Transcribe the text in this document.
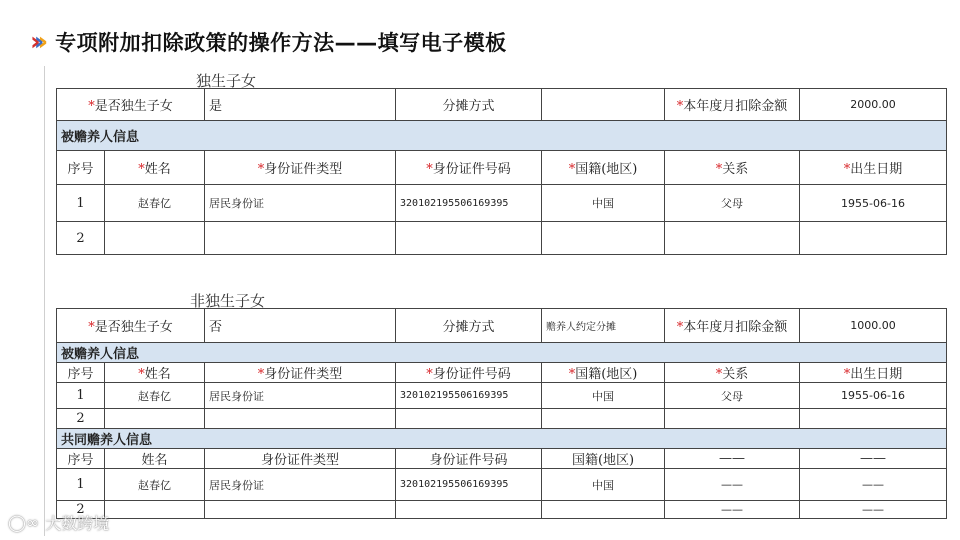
› › › 专项附加扣除政策的操作方法——填写电子模板
独生子女
*是否独生子女		是	分摊方式		*本年度月扣除金额	2000.00
被赡养人信息						
序号	*姓名	*身份证件类型	*身份证件号码	*国籍(地区)	*关系	*出生日期
1	赵春亿	居民身份证	320102195506169395	中国	父母	1955-06-16
2						
非独生子女
*是否独生子女		否	分摊方式	赡养人约定分摊	*本年度月扣除金额	1000.00
被赡养人信息						
序号	*姓名	*身份证件类型	*身份证件号码	*国籍(地区)	*关系	*出生日期
1	赵春亿	居民身份证	320102195506169395	中国	父母	1955-06-16
2						
共同赡养人信息						
序号	姓名	身份证件类型	身份证件号码	国籍(地区)	——	——
1	赵春亿	居民身份证	320102195506169395	中国	——	——
2					——	——
◯∞ 大数跨境
